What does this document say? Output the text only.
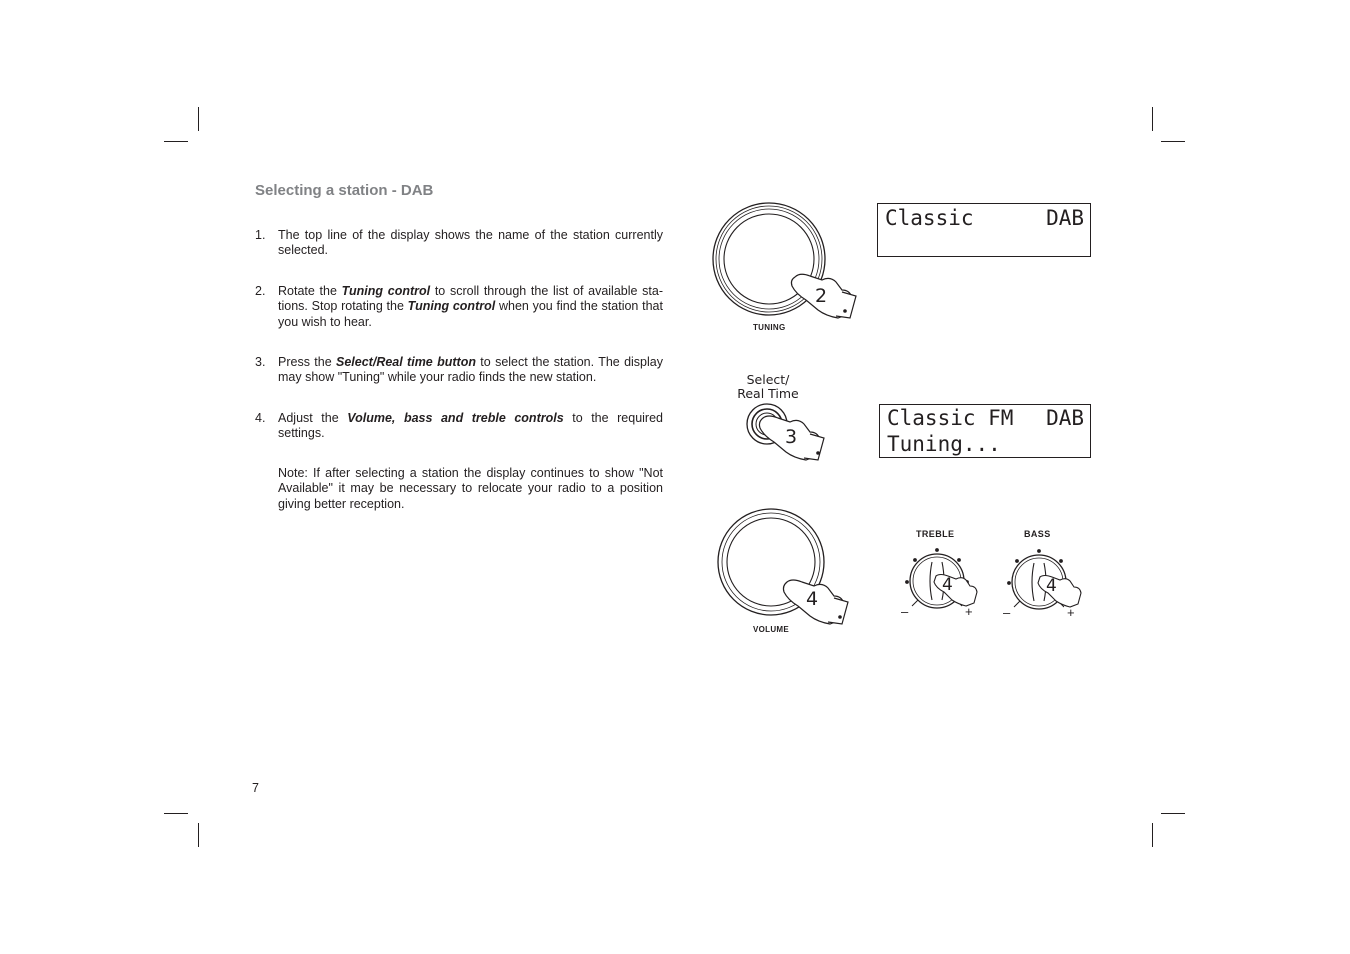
Selecting a station - DAB
1.	The top line of the display shows the name of the station currently selected.
2.	Rotate the Tuning control to scroll through the list of available sta-tions. Stop rotating the Tuning control when you find the station that you wish to hear.
3.	Press the Select/Real time button to select the station. The display may show "Tuning" while your radio finds the new station.
4.	Adjust the Volume, bass and treble controls to the required settings.
Note: If after selecting a station the display continues to show "Not Available" it may be necessary to relocate your radio to a position giving better reception.
7
TUNING
2
Classic	DAB
Select/
Real Time
3
Classic FM DAB
Tuning...
VOLUME
4
TREBLE
4
–	+
BASS
4
–	+
